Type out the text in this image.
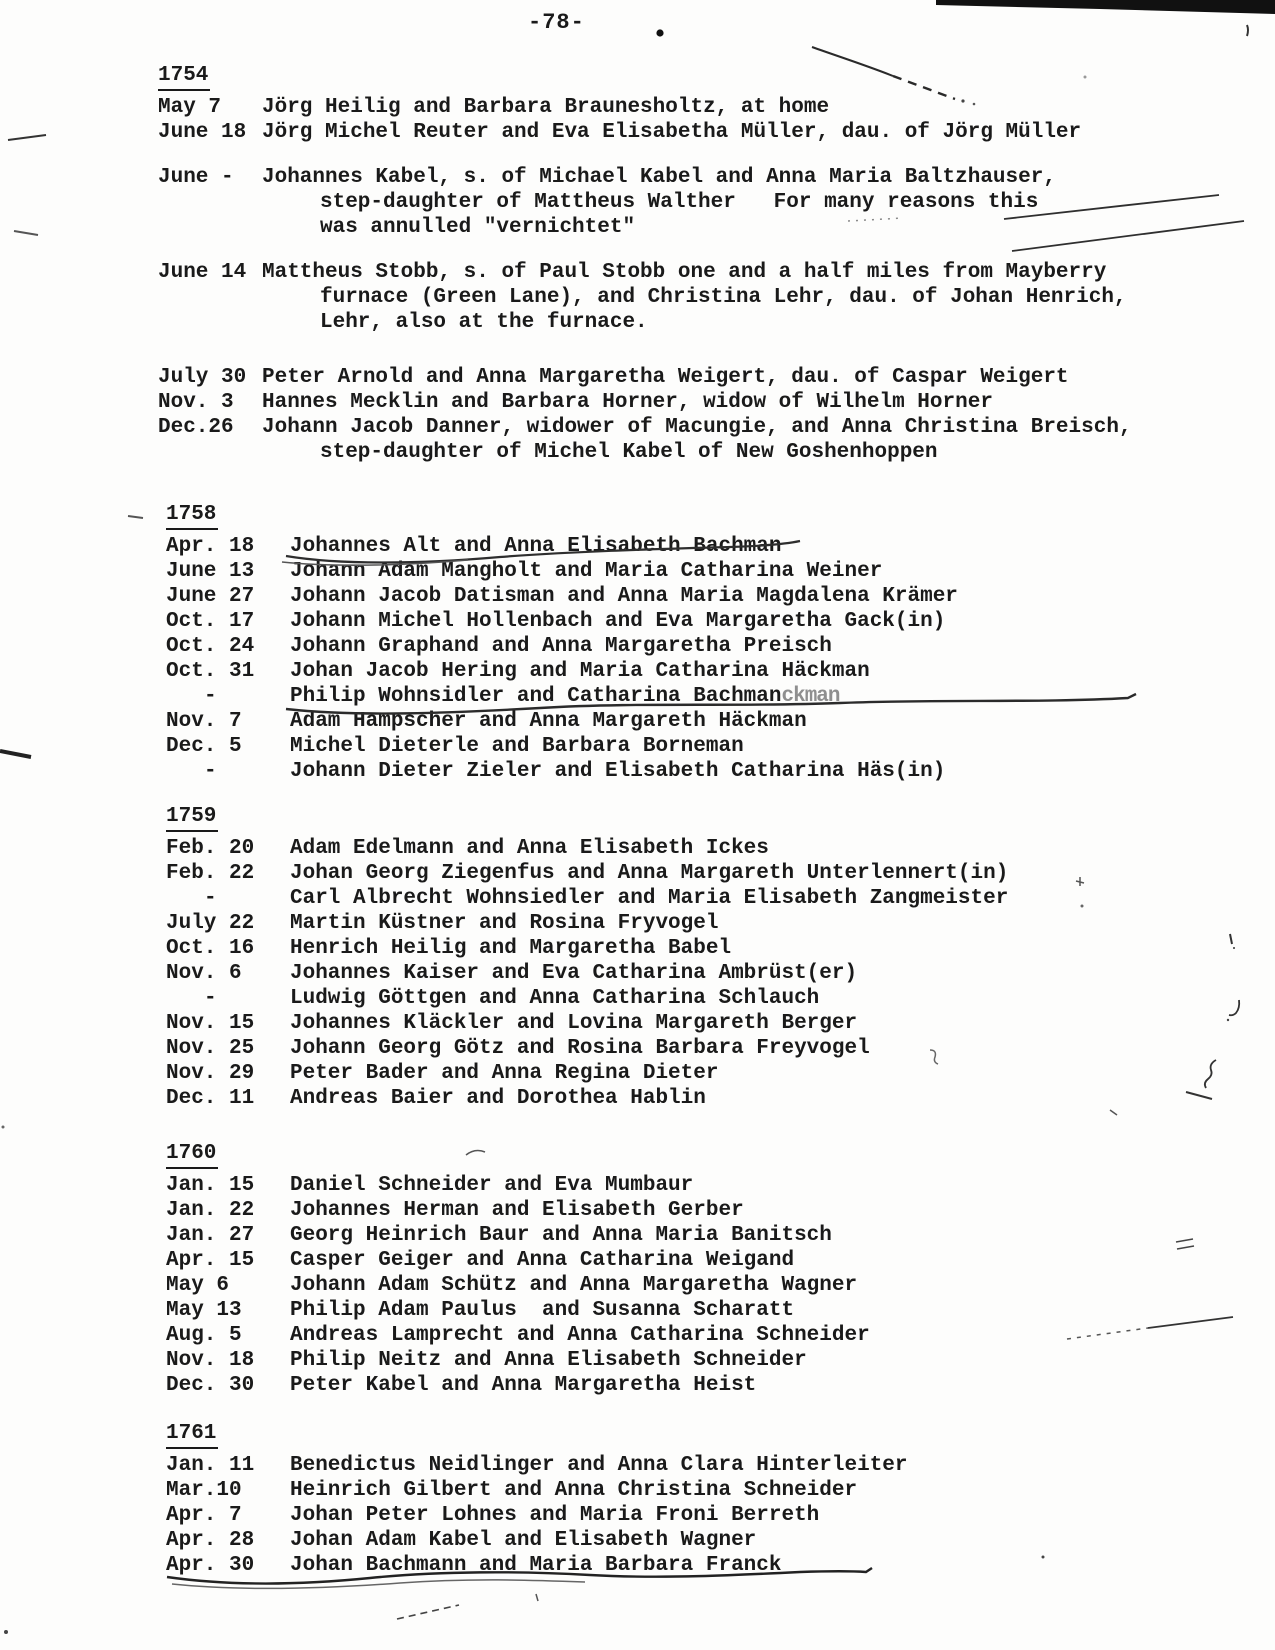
-78-
1754
May 7	Jörg Heilig and Barbara Braunesholtz, at home
June 18 Jörg Michel Reuter and Eva Elisabetha Müller, dau. of Jörg Müller
June -	Johannes Kabel, s. of Michael Kabel and Anna Maria Baltzhauser,
step-daughter of Mattheus Walther   For many reasons this
was annulled "vernichtet"
June 14 Mattheus Stobb, s. of Paul Stobb one and a half miles from Mayberry
furnace (Green Lane), and Christina Lehr, dau. of Johan Henrich,
Lehr, also at the furnace.
July 30 Peter Arnold and Anna Margaretha Weigert, dau. of Caspar Weigert
Nov. 3	Hannes Mecklin and Barbara Horner, widow of Wilhelm Horner
Dec.26	Johann Jacob Danner, widower of Macungie, and Anna Christina Breisch,
step-daughter of Michel Kabel of New Goshenhoppen
1758
Apr. 18	Johannes Alt and Anna Elisabeth Bachman
June 13	Johann Adam Mangholt and Maria Catharina Weiner
June 27	Johann Jacob Datisman and Anna Maria Magdalena Krämer
Oct. 17	Johann Michel Hollenbach and Eva Margaretha Gack(in)
Oct. 24	Johann Graphand and Anna Margaretha Preisch
Oct. 31	Johan Jacob Hering and Maria Catharina Häckman
-	Philip Wohnsidler and Catharina Bachmanckman
Nov. 7	Adam Hampscher and Anna Margareth Häckman
Dec. 5	Michel Dieterle and Barbara Borneman
-	Johann Dieter Zieler and Elisabeth Catharina Häs(in)
1759
Feb. 20	Adam Edelmann and Anna Elisabeth Ickes
Feb. 22	Johan Georg Ziegenfus and Anna Margareth Unterlennert(in)
-	Carl Albrecht Wohnsiedler and Maria Elisabeth Zangmeister
July 22	Martin Küstner and Rosina Fryvogel
Oct. 16	Henrich Heilig and Margaretha Babel
Nov. 6	Johannes Kaiser and Eva Catharina Ambrüst(er)
-	Ludwig Göttgen and Anna Catharina Schlauch
Nov. 15	Johannes Kläckler and Lovina Margareth Berger
Nov. 25	Johann Georg Götz and Rosina Barbara Freyvogel
Nov. 29	Peter Bader and Anna Regina Dieter
Dec. 11	Andreas Baier and Dorothea Hablin
1760
Jan. 15	Daniel Schneider and Eva Mumbaur
Jan. 22	Johannes Herman and Elisabeth Gerber
Jan. 27	Georg Heinrich Baur and Anna Maria Banitsch
Apr. 15	Casper Geiger and Anna Catharina Weigand
May 6	Johann Adam Schütz and Anna Margaretha Wagner
May 13	Philip Adam Paulus  and Susanna Scharatt
Aug. 5	Andreas Lamprecht and Anna Catharina Schneider
Nov. 18	Philip Neitz and Anna Elisabeth Schneider
Dec. 30	Peter Kabel and Anna Margaretha Heist
1761
Jan. 11	Benedictus Neidlinger and Anna Clara Hinterleiter
Mar.10	Heinrich Gilbert and Anna Christina Schneider
Apr. 7	Johan Peter Lohnes and Maria Froni Berreth
Apr. 28	Johan Adam Kabel and Elisabeth Wagner
Apr. 30	Johan Bachmann and Maria Barbara Franck
